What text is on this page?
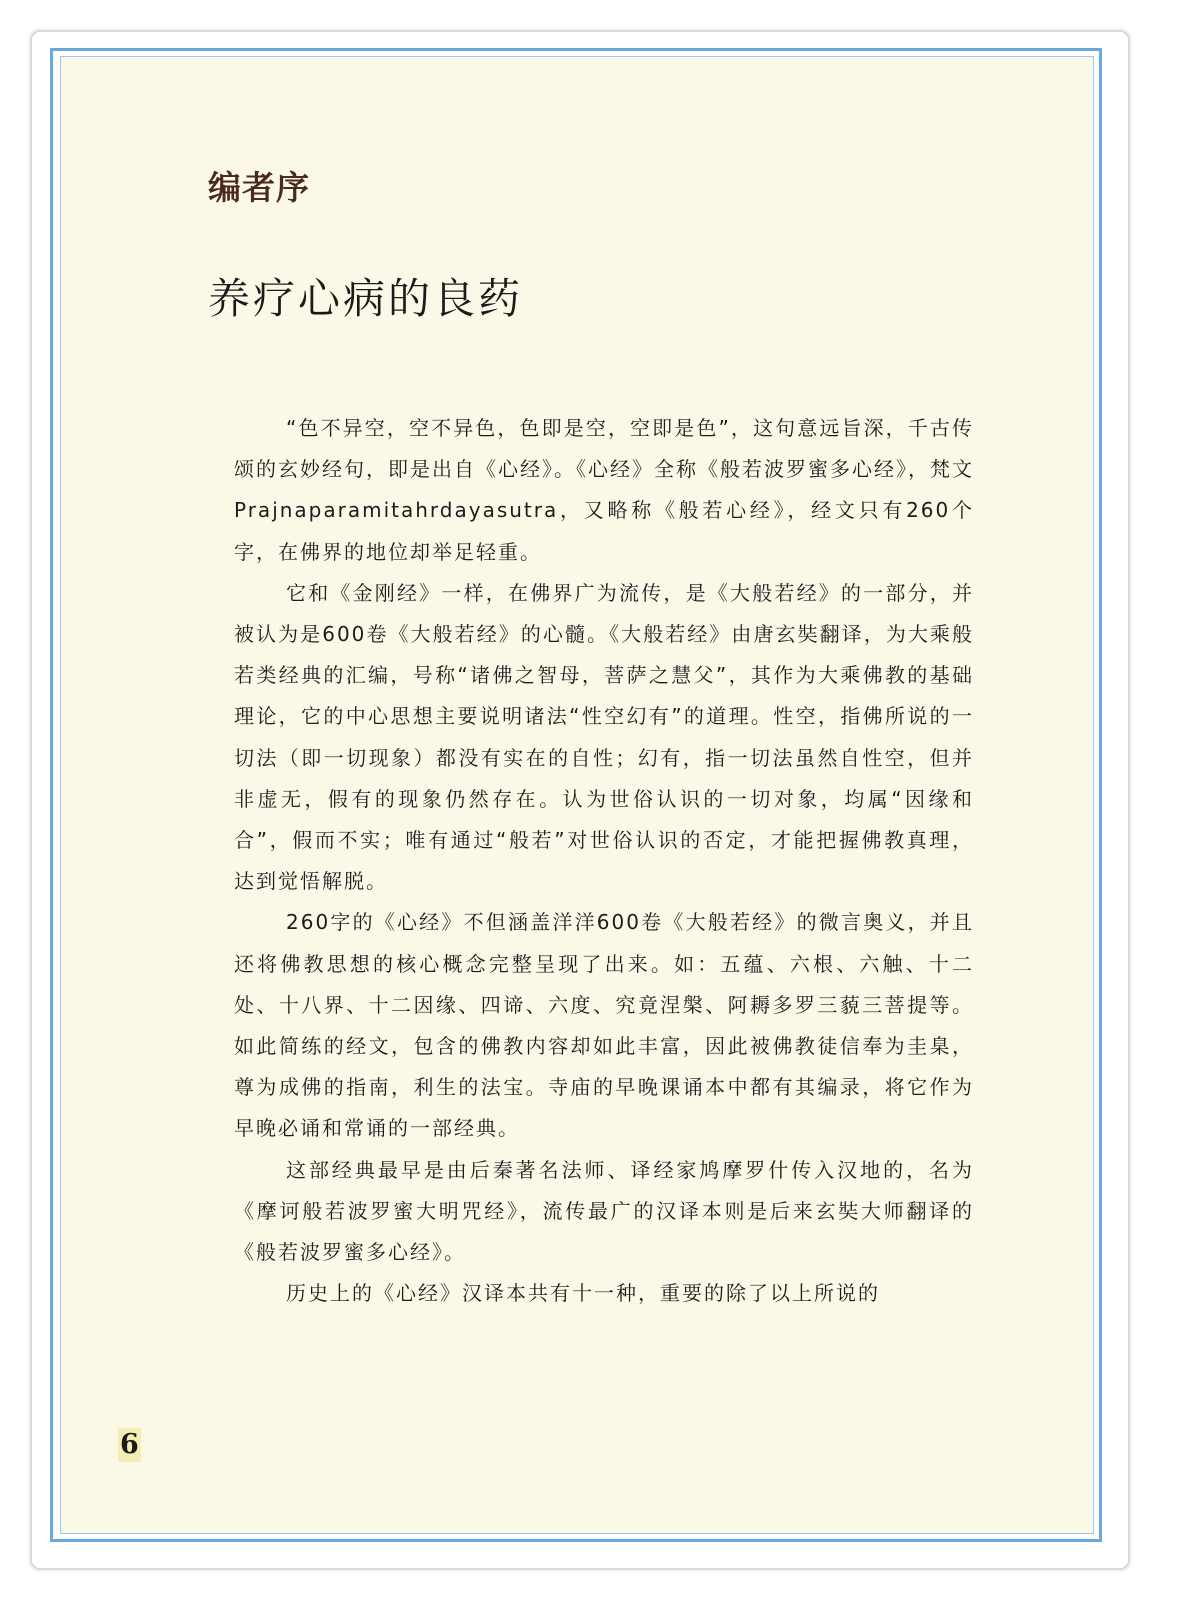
编者序
养疗心病的良药

“色不异空，空不异色，色即是空，空即是色”，这句意远旨深，千古传颂的玄妙经句，即是出自《心经》。《心经》全称《般若波罗蜜多心经》，梵文Prajnaparamitahrdayasutra，又略称《般若心经》，经文只有260个字，在佛界的地位却举足轻重。

它和《金刚经》一样，在佛界广为流传，是《大般若经》的一部分，并被认为是600卷《大般若经》的心髓。《大般若经》由唐玄奘翻译，为大乘般若类经典的汇编，号称“诸佛之智母，菩萨之慧父”，其作为大乘佛教的基础理论，它的中心思想主要说明诸法“性空幻有”的道理。性空，指佛所说的一切法（即一切现象）都没有实在的自性；幻有，指一切法虽然自性空，但并非虚无，假有的现象仍然存在。认为世俗认识的一切对象，均属“因缘和合”，假而不实；唯有通过“般若”对世俗认识的否定，才能把握佛教真理，达到觉悟解脱。

260字的《心经》不但涵盖洋洋600卷《大般若经》的微言奥义，并且还将佛教思想的核心概念完整呈现了出来。如：五蕴、六根、六触、十二处、十八界、十二因缘、四谛、六度、究竟涅槃、阿耨多罗三藐三菩提等。如此简练的经文，包含的佛教内容却如此丰富，因此被佛教徒信奉为圭臬，尊为成佛的指南，利生的法宝。寺庙的早晚课诵本中都有其编录，将它作为早晚必诵和常诵的一部经典。

这部经典最早是由后秦著名法师、译经家鸠摩罗什传入汉地的，名为《摩诃般若波罗蜜大明咒经》，流传最广的汉译本则是后来玄奘大师翻译的《般若波罗蜜多心经》。

历史上的《心经》汉译本共有十一种，重要的除了以上所说的

6
